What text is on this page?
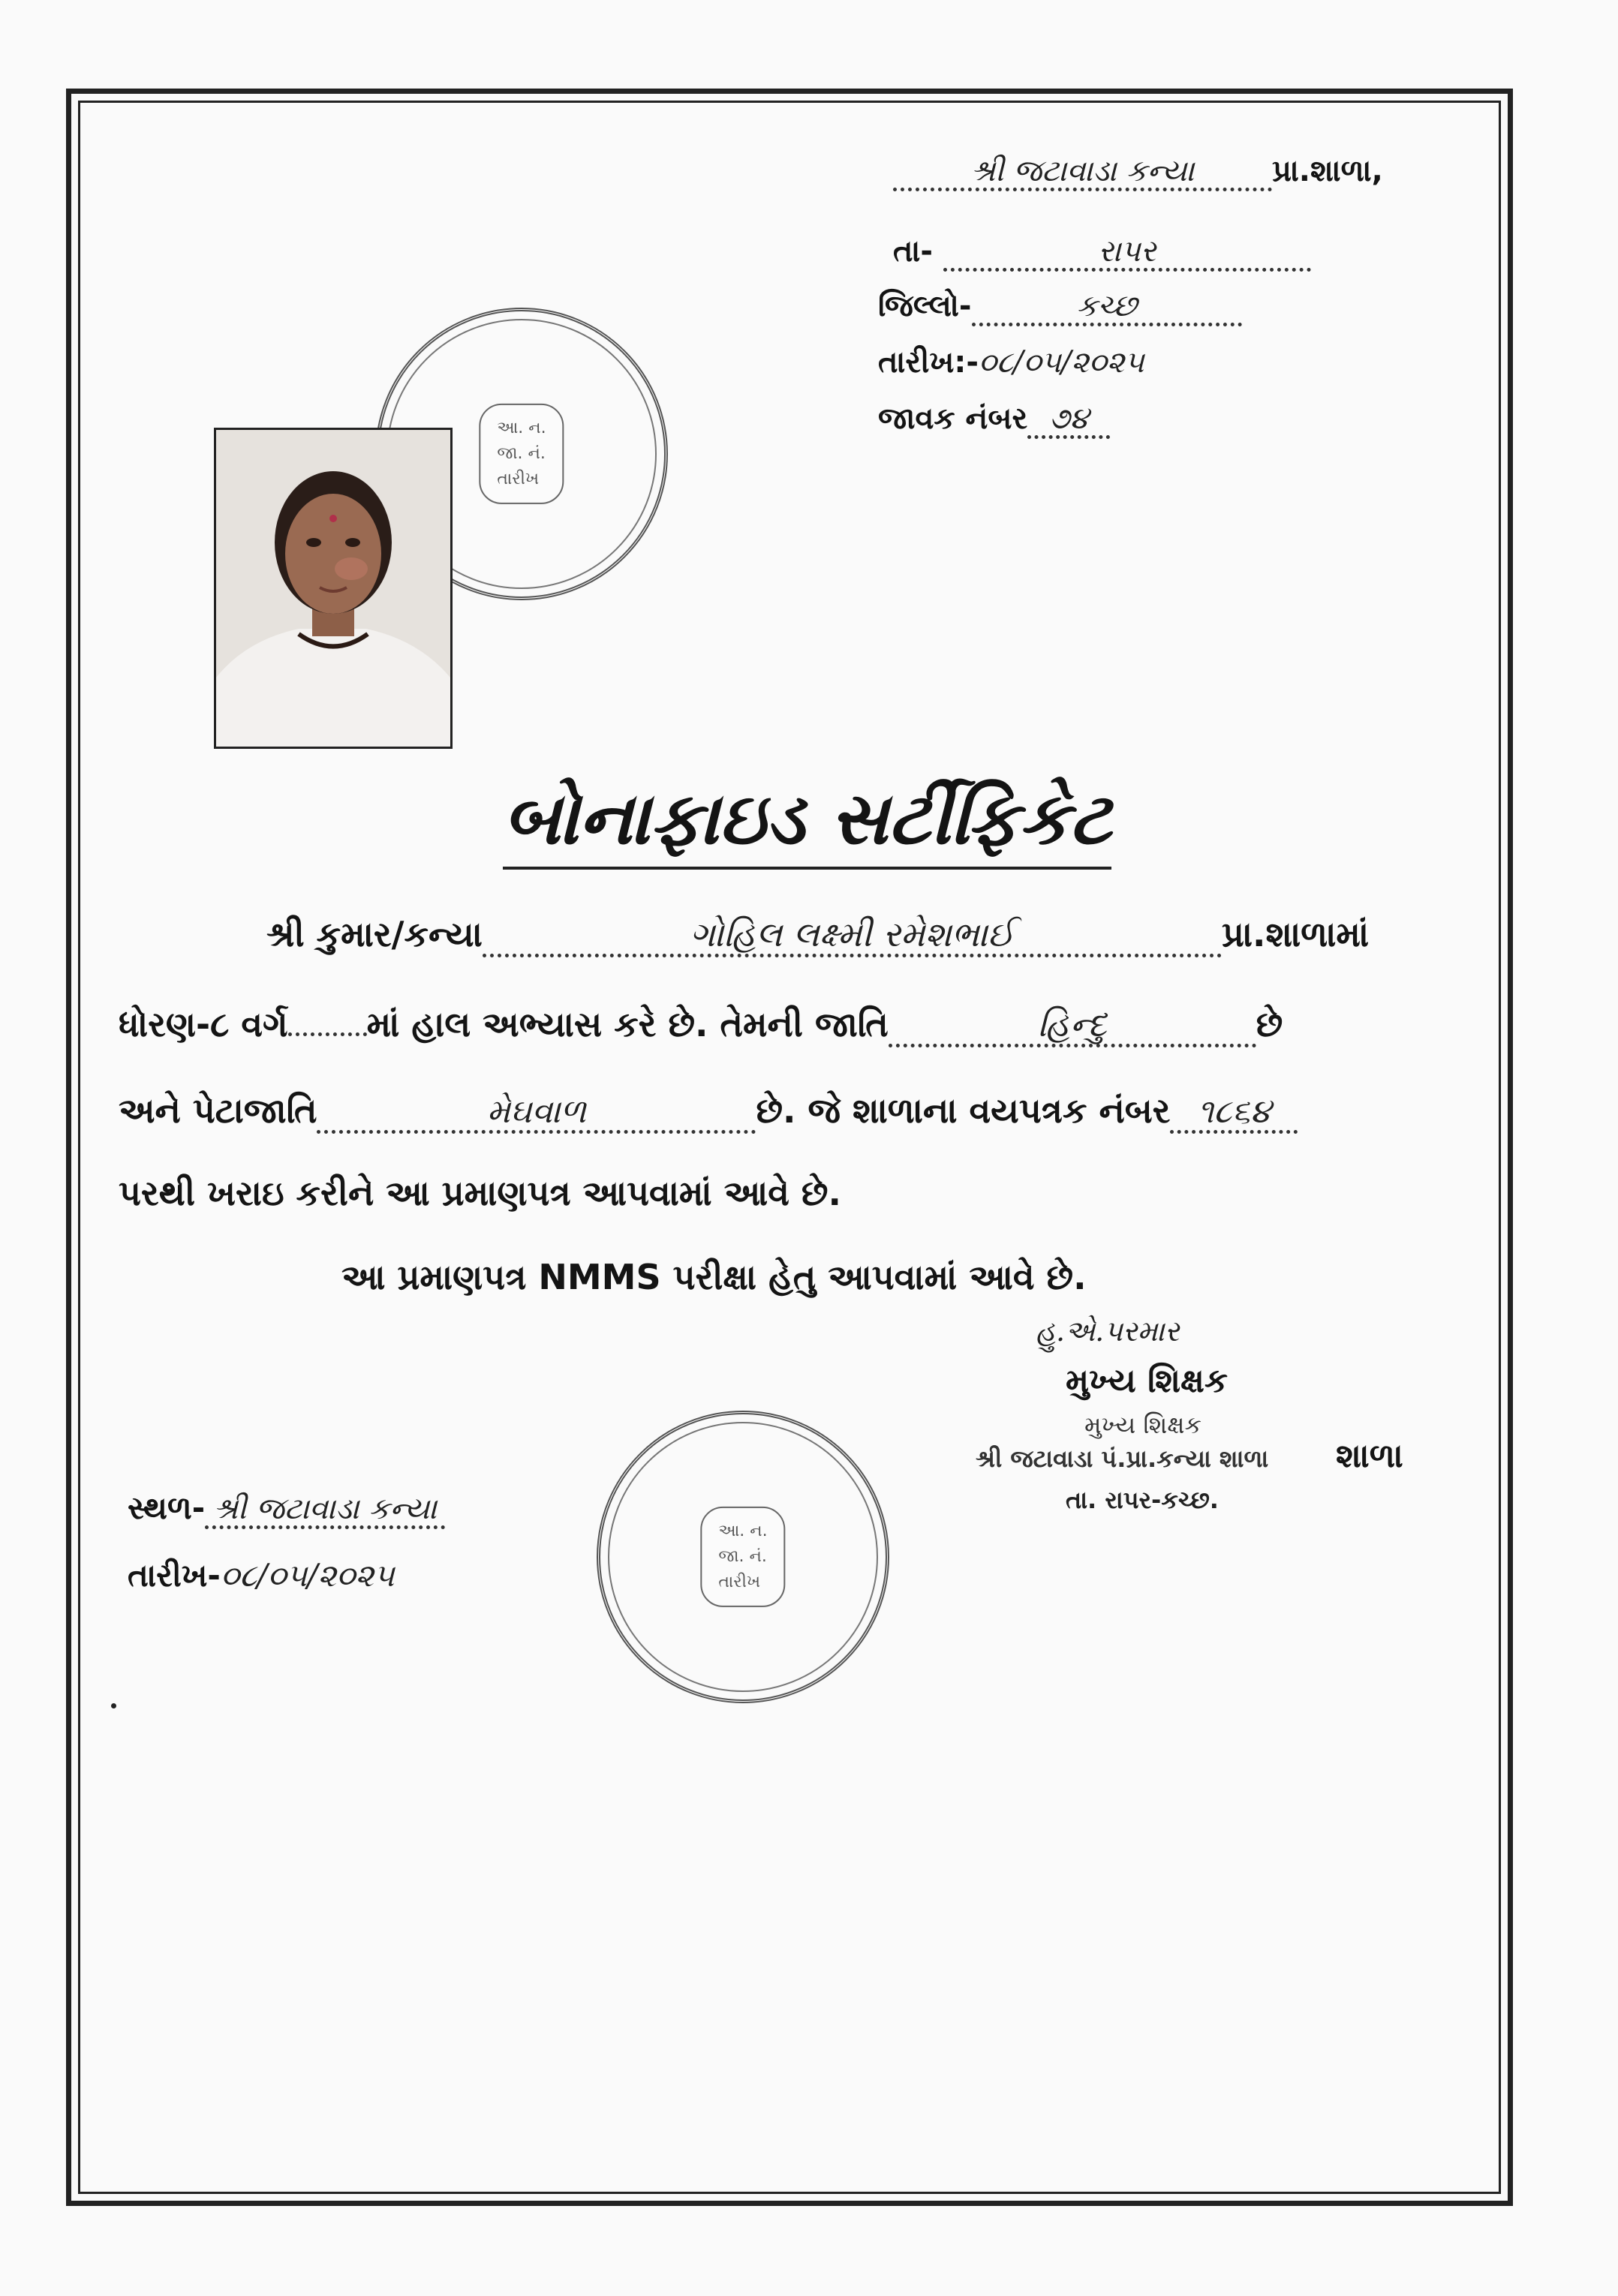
શ્રી જટાવાડા કન્યા	પ્રા.શાળા,
તા-	રાપર
જિલ્લો-	કચ્છ
તારીખ:-૦૮/૦૫/૨૦૨૫
જાવક નંબર ૭૪
આ. ન.
જા. નં.
તારીખ
બોનાફાઇડ સર્ટીફિકેટ
શ્રી કુમાર/કન્યા	ગોહિલ લક્ષ્મી રમેશભાઈ	પ્રા.શાળામાં
ધોરણ-૮ વર્ગ માં હાલ અભ્યાસ કરે છે. તેમની જાતિ	હિન્દુ	છે
અને પેટાજાતિ	મેઘવાળ	છે. જે શાળાના વયપત્રક નંબર ૧૮૬૪
પરથી ખરાઇ કરીને આ પ્રમાણપત્ર આપવામાં આવે છે.
આ પ્રમાણપત્ર NMMS પરીક્ષા હેતુ આપવામાં આવે છે.
હુ.એ.પરમાર
મુખ્ય શિક્ષક
મુખ્ય શિક્ષક
શ્રી જટાવાડા પં.પ્રા.કન્યા શાળા શાળા
તા. રાપર-કચ્છ.
આ. ન.
જા. નં.
તારીખ
સ્થળ- શ્રી જટાવાડા કન્યા
તારીખ-૦૮/૦૫/૨૦૨૫
